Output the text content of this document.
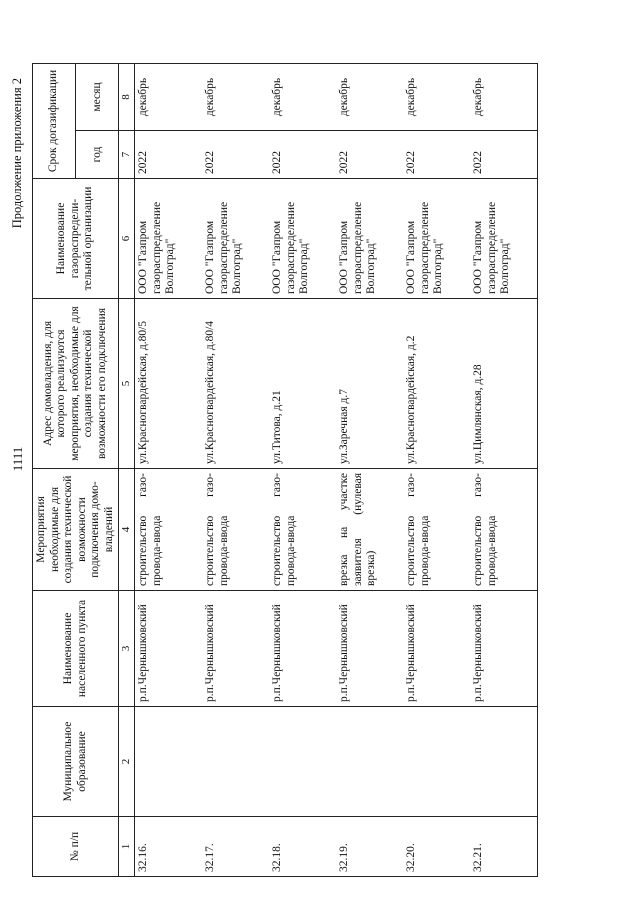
1111
Продолжение приложения 2
№ п/п	Муниципальное образование	Наименование населенного пункта	Мероприятия необходимые для создания технической возможности подключения домовладений	Адрес домовладения, для которого реализуются мероприятия, необходимые для создания технической возможности его подключения	Наименование газораспределительной организации	Срок догазификации	
						год	месяц
1	2	3	4	5	6	7	8
32.16.		р.п.Чернышковский	строительство газопровода-ввода	ул.Красногвардейская, д.80/5	ООО "Газпром газораспределение Волгоград"	2022	декабрь
32.17.		р.п.Чернышковский	строительство газопровода-ввода	ул.Красногвардейская, д.80/4	ООО "Газпром газораспределение Волгоград"	2022	декабрь
32.18.		р.п.Чернышковский	строительство газопровода-ввода	ул.Титова, д.21	ООО "Газпром газораспределение Волгоград"	2022	декабрь
32.19.		р.п.Чернышковский	врезка на участке заявителя (нулевая врезка)	ул.Заречная д.7	ООО "Газпром газораспределение Волгоград"	2022	декабрь
32.20.		р.п.Чернышковский	строительство газопровода-ввода	ул.Красногвардейская, д.2	ООО "Газпром газораспределение Волгоград"	2022	декабрь
32.21.		р.п.Чернышковский	строительство газопровода-ввода	ул.Цимлянская, д.28	ООО "Газпром газораспределение Волгоград"	2022	декабрь
